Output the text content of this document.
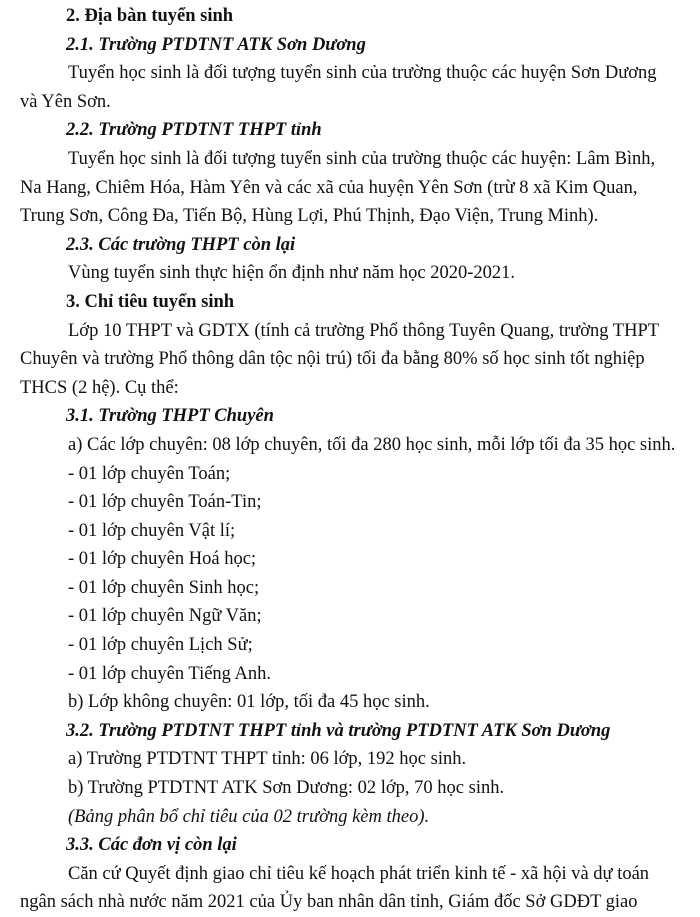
2. Địa bàn tuyển sinh
2.1. Trường PTDTNT ATK Sơn Dương
Tuyển học sinh là đối tượng tuyển sinh của trường thuộc các huyện Sơn Dương
và Yên Sơn.
2.2. Trường PTDTNT THPT tỉnh
Tuyển học sinh là đối tượng tuyển sinh của trường thuộc các huyện: Lâm Bình,
Na Hang, Chiêm Hóa, Hàm Yên và các xã của huyện Yên Sơn (trừ 8 xã Kim Quan,
Trung Sơn, Công Đa, Tiến Bộ, Hùng Lợi, Phú Thịnh, Đạo Viện, Trung Minh).
2.3. Các trường THPT còn lại
Vùng tuyển sinh thực hiện ổn định như năm học 2020-2021.
3. Chỉ tiêu tuyển sinh
Lớp 10 THPT và GDTX (tính cả trường Phổ thông Tuyên Quang, trường THPT
Chuyên và trường Phổ thông dân tộc nội trú) tối đa bằng 80% số học sinh tốt nghiệp
THCS (2 hệ). Cụ thể:
3.1. Trường THPT Chuyên
a) Các lớp chuyên: 08 lớp chuyên, tối đa 280 học sinh, mỗi lớp tối đa 35 học sinh.
- 01 lớp chuyên Toán;
- 01 lớp chuyên Toán-Tin;
- 01 lớp chuyên Vật lí;
- 01 lớp chuyên Hoá học;
- 01 lớp chuyên Sinh học;
- 01 lớp chuyên Ngữ Văn;
- 01 lớp chuyên Lịch Sử;
- 01 lớp chuyên Tiếng Anh.
b) Lớp không chuyên: 01 lớp, tối đa 45 học sinh.
3.2. Trường PTDTNT THPT tỉnh và trường PTDTNT ATK Sơn Dương
a) Trường PTDTNT THPT tỉnh: 06 lớp, 192 học sinh.
b) Trường PTDTNT ATK Sơn Dương: 02 lớp, 70 học sinh.
(Bảng phân bổ chỉ tiêu của 02 trường kèm theo).
3.3. Các đơn vị còn lại
Căn cứ Quyết định giao chỉ tiêu kế hoạch phát triển kinh tế - xã hội và dự toán
ngân sách nhà nước năm 2021 của Ủy ban nhân dân tỉnh, Giám đốc Sở GDĐT giao
